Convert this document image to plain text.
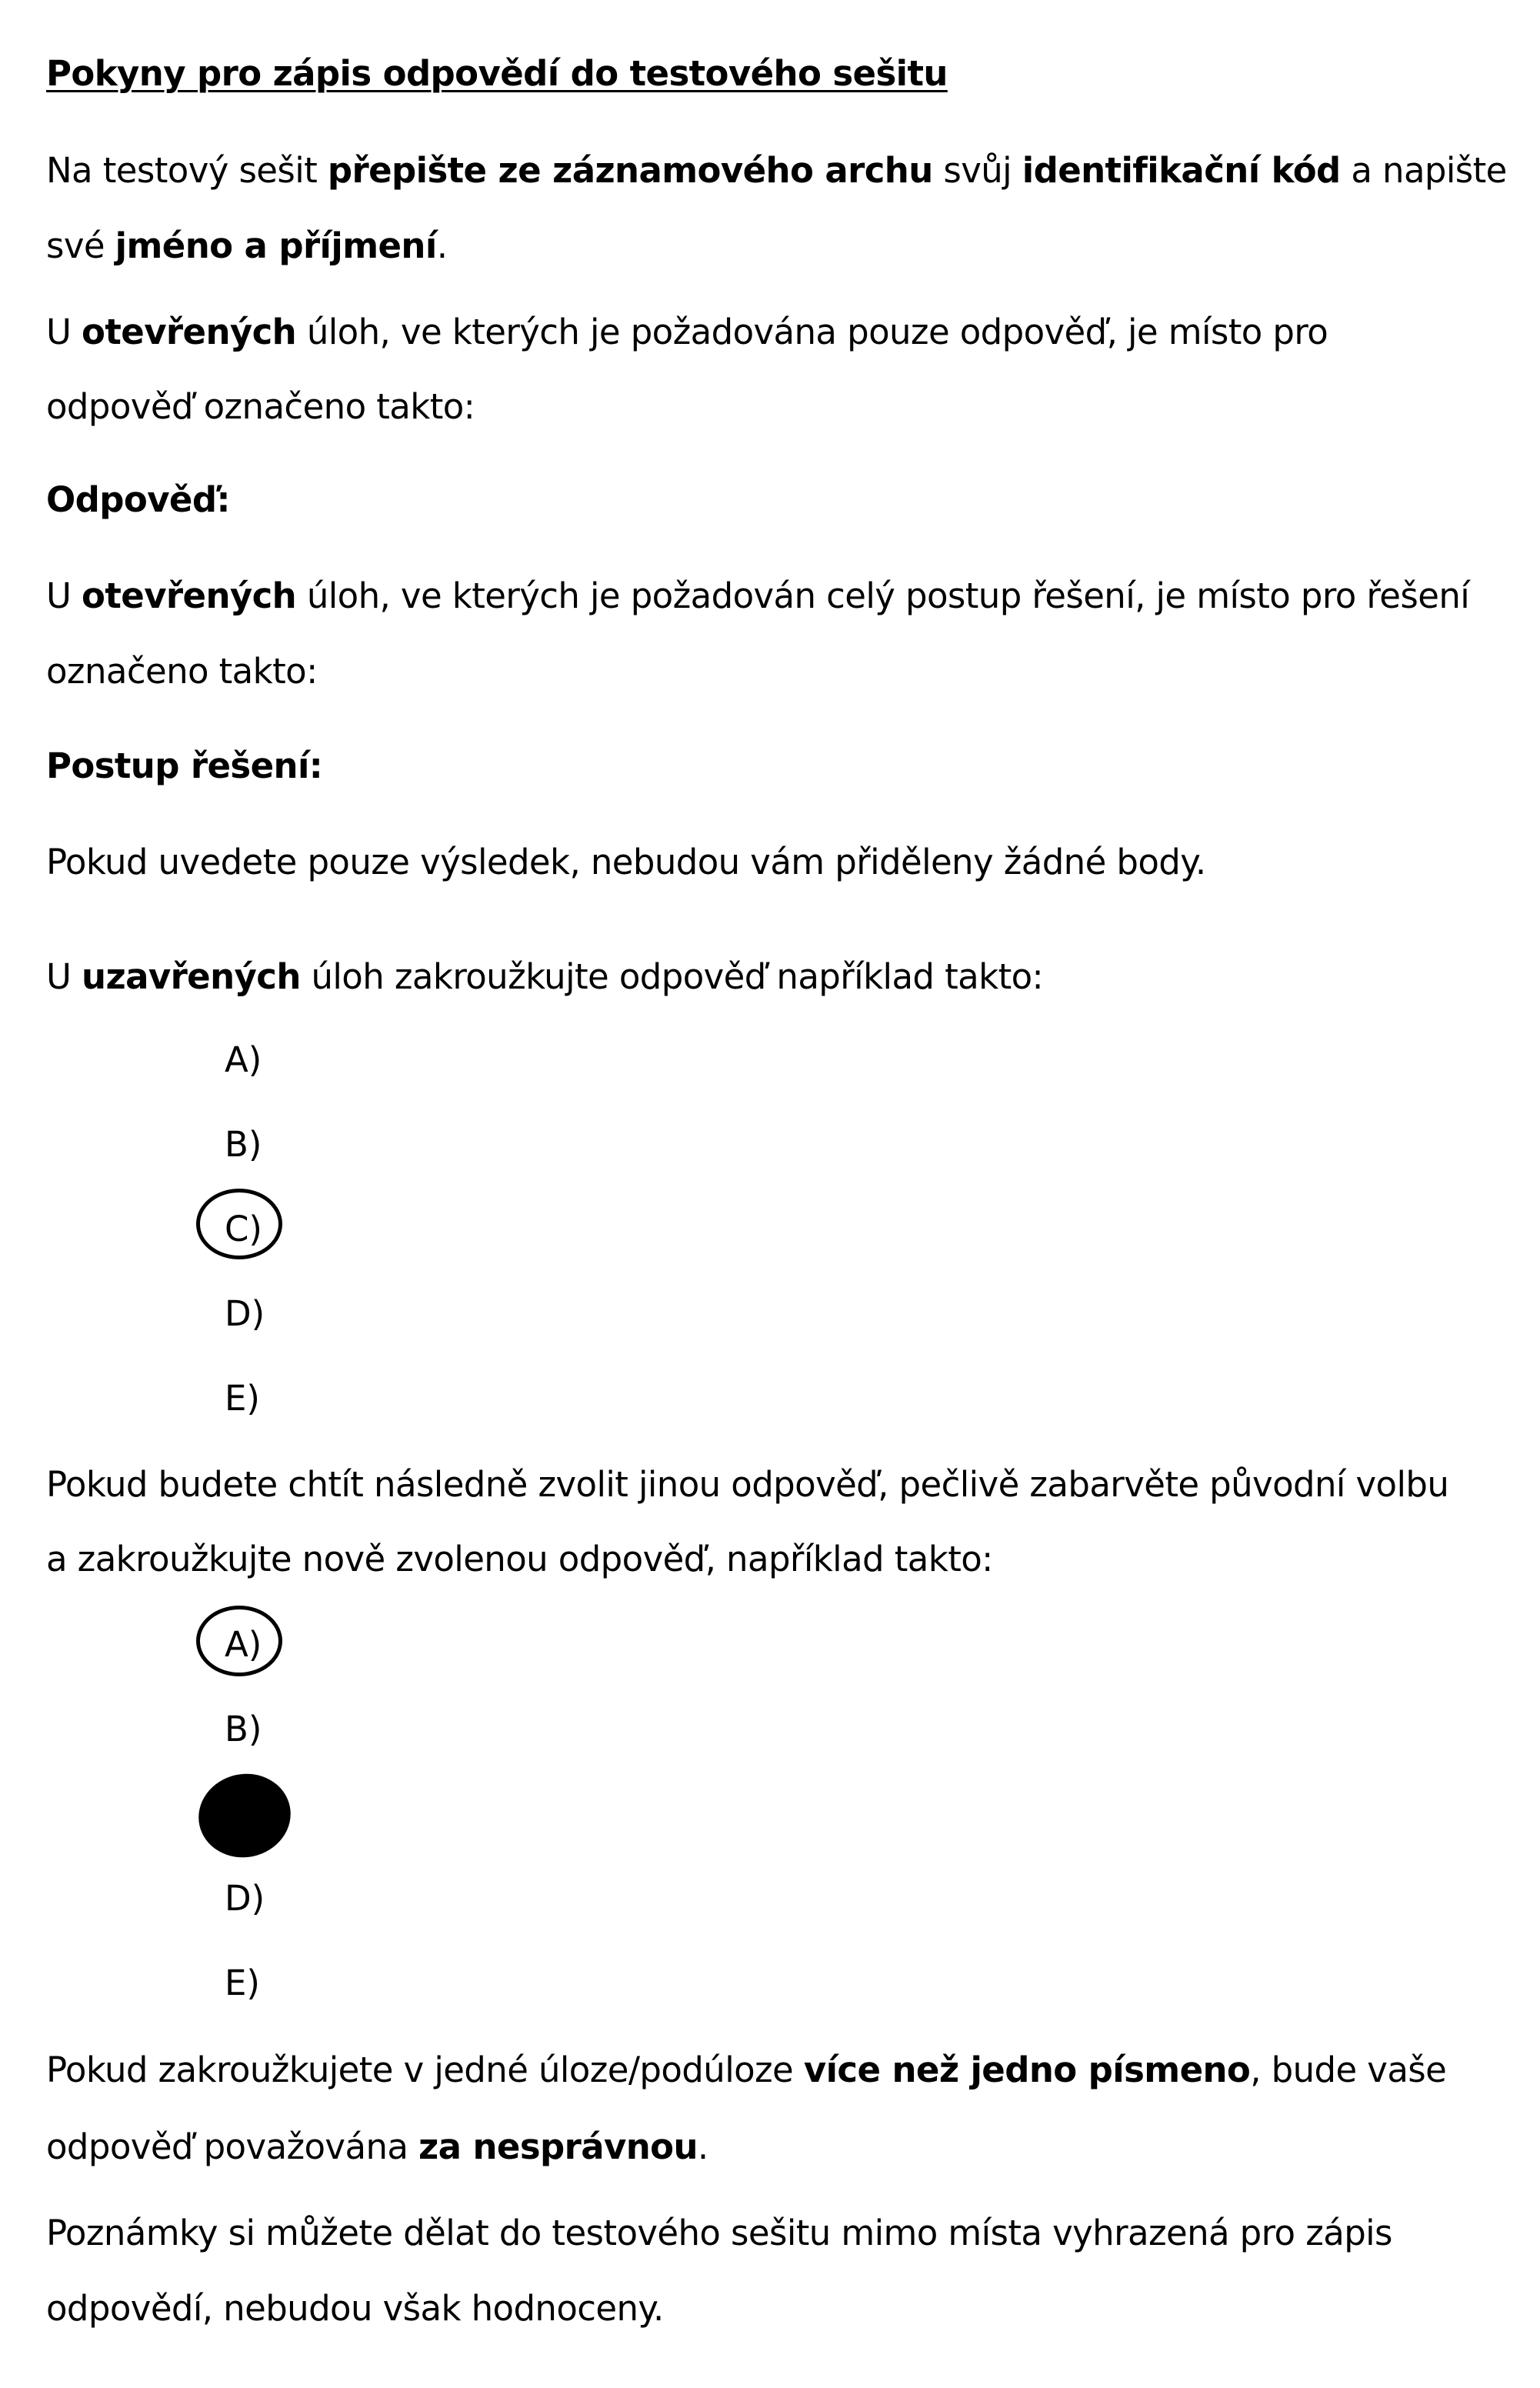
Pokyny pro zápis odpovědí do testového sešitu
Na testový sešit přepište ze záznamového archu svůj identifikační kód a napište
své jméno a příjmení.
U otevřených úloh, ve kterých je požadována pouze odpověď, je místo pro
odpověď označeno takto:
Odpověď:
U otevřených úloh, ve kterých je požadován celý postup řešení, je místo pro řešení
označeno takto:
Postup řešení:
Pokud uvedete pouze výsledek, nebudou vám přiděleny žádné body.
U uzavřených úloh zakroužkujte odpověď například takto:
A)
B)
C)
D)
E)
Pokud budete chtít následně zvolit jinou odpověď, pečlivě zabarvěte původní volbu
a zakroužkujte nově zvolenou odpověď, například takto:
A)
B)
D)
E)
Pokud zakroužkujete v jedné úloze/podúloze více než jedno písmeno, bude vaše
odpověď považována za nesprávnou.
Poznámky si můžete dělat do testového sešitu mimo místa vyhrazená pro zápis
odpovědí, nebudou však hodnoceny.
